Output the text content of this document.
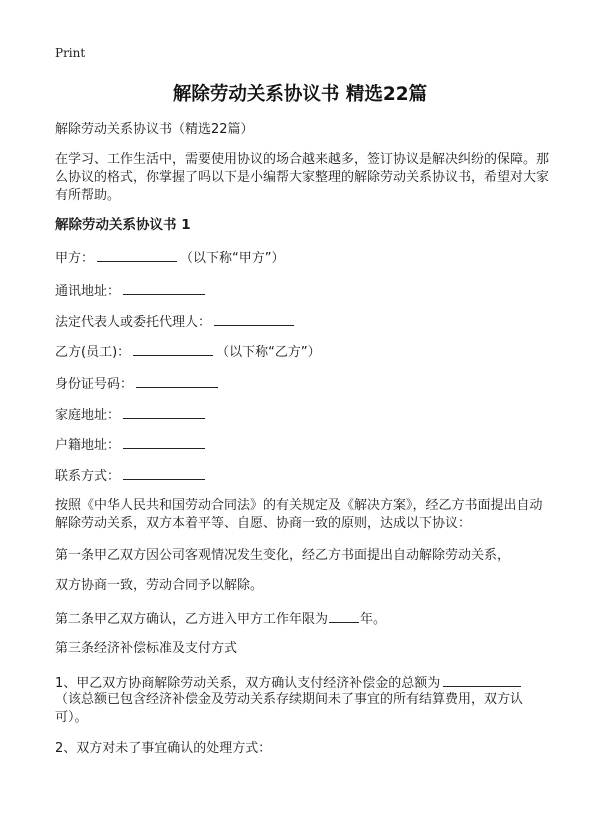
Print
解除劳动关系协议书 精选22篇
解除劳动关系协议书（精选22篇）
在学习、工作生活中，需要使用协议的场合越来越多，签订协议是解决纠纷的保障。那么协议的格式，你掌握了吗以下是小编帮大家整理的解除劳动关系协议书，希望对大家有所帮助。
解除劳动关系协议书 1
甲方：	（以下称“甲方”）
通讯地址：
法定代表人或委托代理人：
乙方(员工)：	（以下称“乙方”）
身份证号码：
家庭地址：
户籍地址：
联系方式：
按照《中华人民共和国劳动合同法》的有关规定及《解决方案》，经乙方书面提出自动解除劳动关系，双方本着平等、自愿、协商一致的原则，达成以下协议：
第一条甲乙双方因公司客观情况发生变化，经乙方书面提出自动解除劳动关系，
双方协商一致，劳动合同予以解除。
第二条甲乙双方确认，乙方进入甲方工作年限为 年。
第三条经济补偿标准及支付方式
1、甲乙双方协商解除劳动关系，双方确认支付经济补偿金的总额为
（该总额已包含经济补偿金及劳动关系存续期间未了事宜的所有结算费用，双方认可）。
2、双方对未了事宜确认的处理方式：
